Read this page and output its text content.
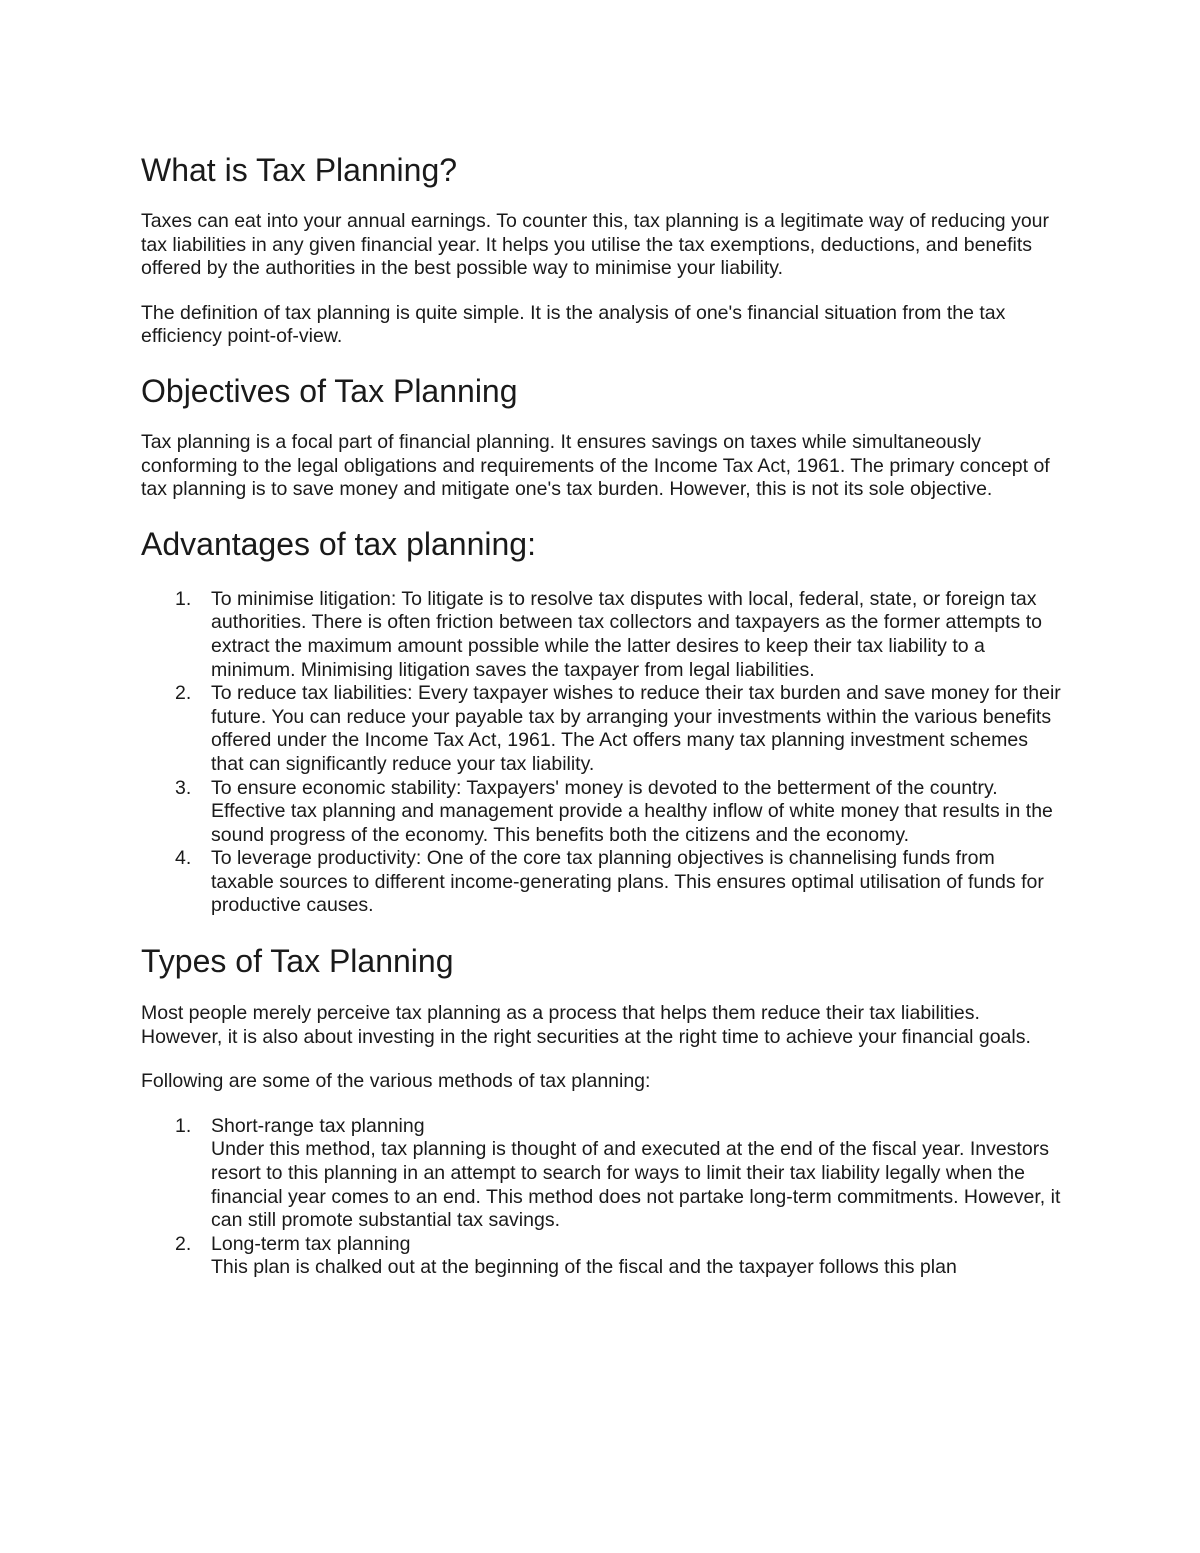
What is Tax Planning?

Taxes can eat into your annual earnings. To counter this, tax planning is a legitimate way of reducing your tax liabilities in any given financial year. It helps you utilise the tax exemptions, deductions, and benefits offered by the authorities in the best possible way to minimise your liability.

The definition of tax planning is quite simple. It is the analysis of one's financial situation from the tax efficiency point-of-view.

Objectives of Tax Planning

Tax planning is a focal part of financial planning. It ensures savings on taxes while simultaneously conforming to the legal obligations and requirements of the Income Tax Act, 1961. The primary concept of tax planning is to save money and mitigate one's tax burden. However, this is not its sole objective.

Advantages of tax planning:
1. To minimise litigation: To litigate is to resolve tax disputes with local, federal, state, or foreign tax authorities. There is often friction between tax collectors and taxpayers as the former attempts to extract the maximum amount possible while the latter desires to keep their tax liability to a minimum. Minimising litigation saves the taxpayer from legal liabilities.
2. To reduce tax liabilities: Every taxpayer wishes to reduce their tax burden and save money for their future. You can reduce your payable tax by arranging your investments within the various benefits offered under the Income Tax Act, 1961. The Act offers many tax planning investment schemes that can significantly reduce your tax liability.
3. To ensure economic stability: Taxpayers' money is devoted to the betterment of the country. Effective tax planning and management provide a healthy inflow of white money that results in the sound progress of the economy. This benefits both the citizens and the economy.
4. To leverage productivity: One of the core tax planning objectives is channelising funds from taxable sources to different income-generating plans. This ensures optimal utilisation of funds for productive causes.
Types of Tax Planning

Most people merely perceive tax planning as a process that helps them reduce their tax liabilities. However, it is also about investing in the right securities at the right time to achieve your financial goals.

Following are some of the various methods of tax planning:

1. Short-range tax planning
Under this method, tax planning is thought of and executed at the end of the fiscal year. Investors resort to this planning in an attempt to search for ways to limit their tax liability legally when the financial year comes to an end. This method does not partake long-term commitments. However, it can still promote substantial tax savings.
2. Long-term tax planning
This plan is chalked out at the beginning of the fiscal and the taxpayer follows this plan
